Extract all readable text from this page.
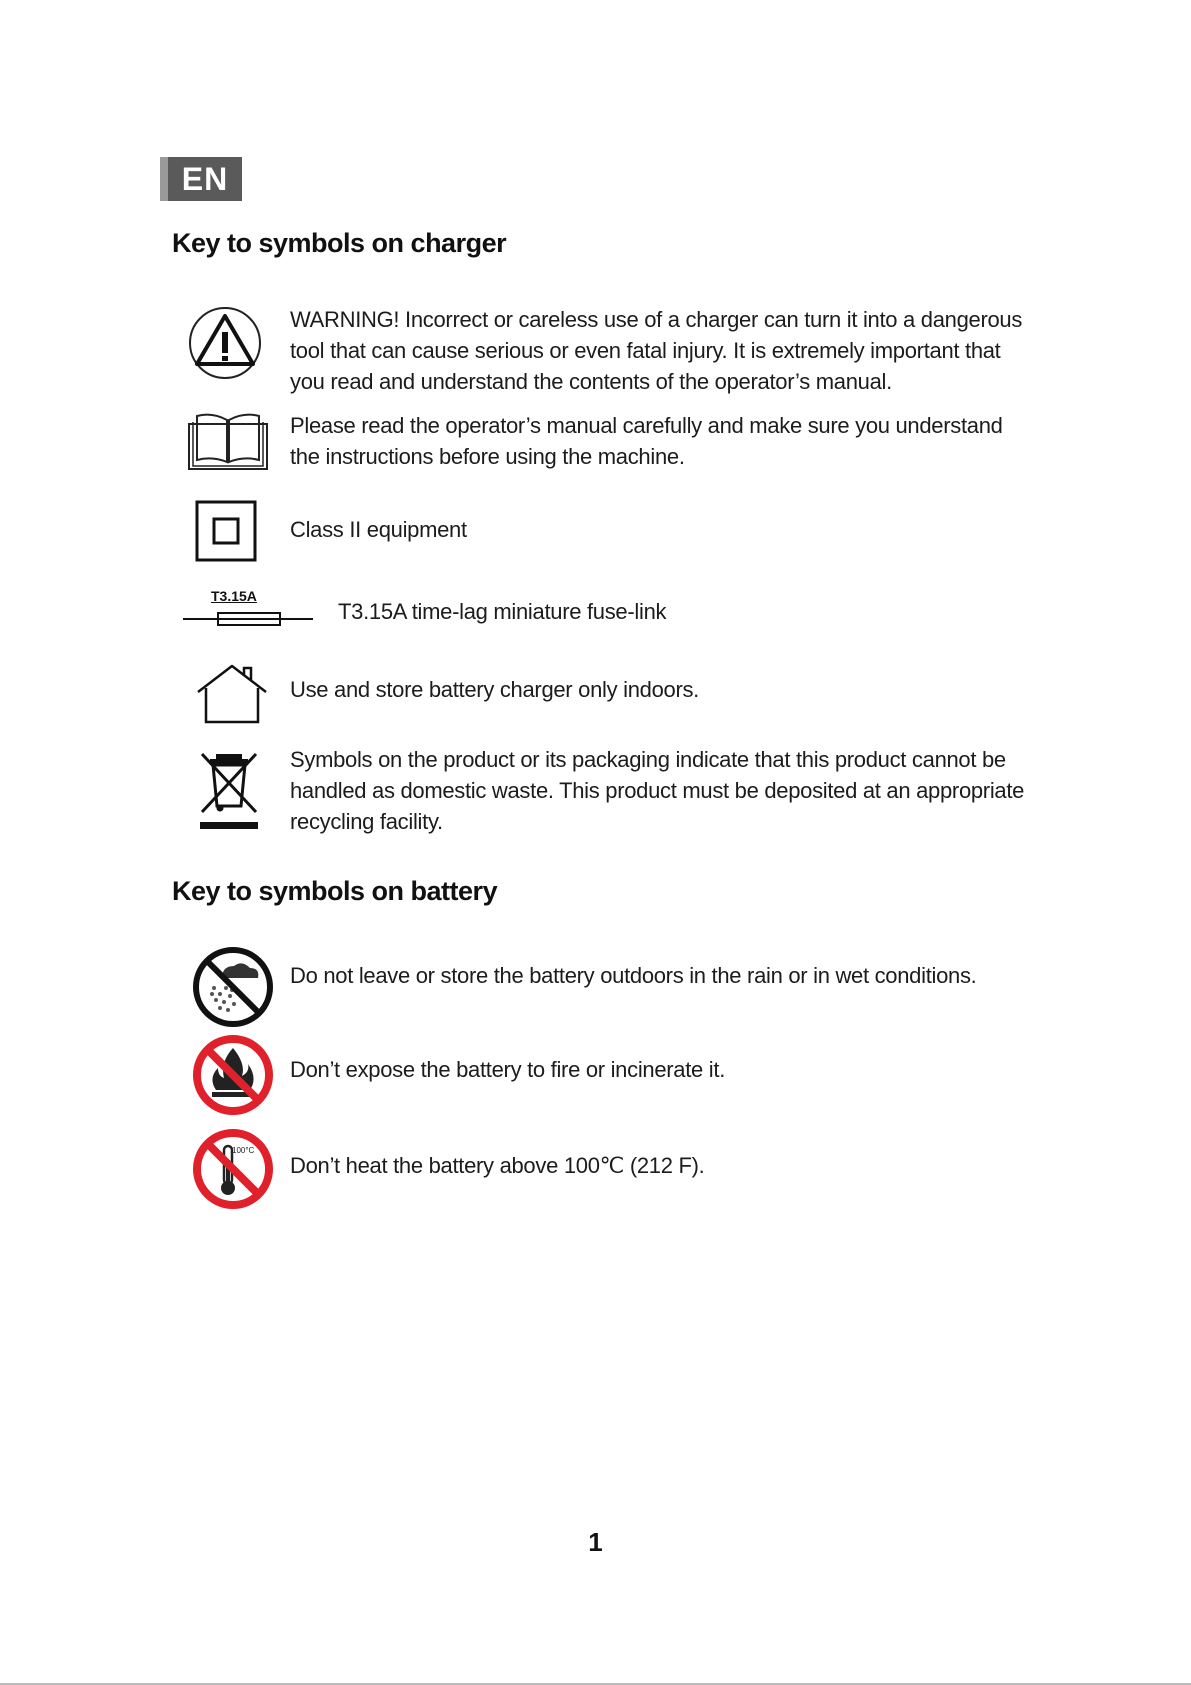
EN
Key to symbols on charger

WARNING! Incorrect or careless use of a charger can turn it into a dangerous tool that can cause serious or even fatal injury. It is extremely important that you read and understand the contents of the operator’s manual.

Please read the operator’s manual carefully and make sure you understand the instructions before using the machine.

Class II equipment

T3.15A

T3.15A time-lag miniature fuse-link

Use and store battery charger only indoors.

Symbols on the product or its packaging indicate that this product cannot be handled as domestic waste. This product must be deposited at an appropriate recycling facility.

Key to symbols on battery

Do not leave or store the battery outdoors in the rain or in wet conditions.

Don’t expose the battery to fire or incinerate it.

100°C

Don’t heat the battery above 100℃ (212 F).

1
